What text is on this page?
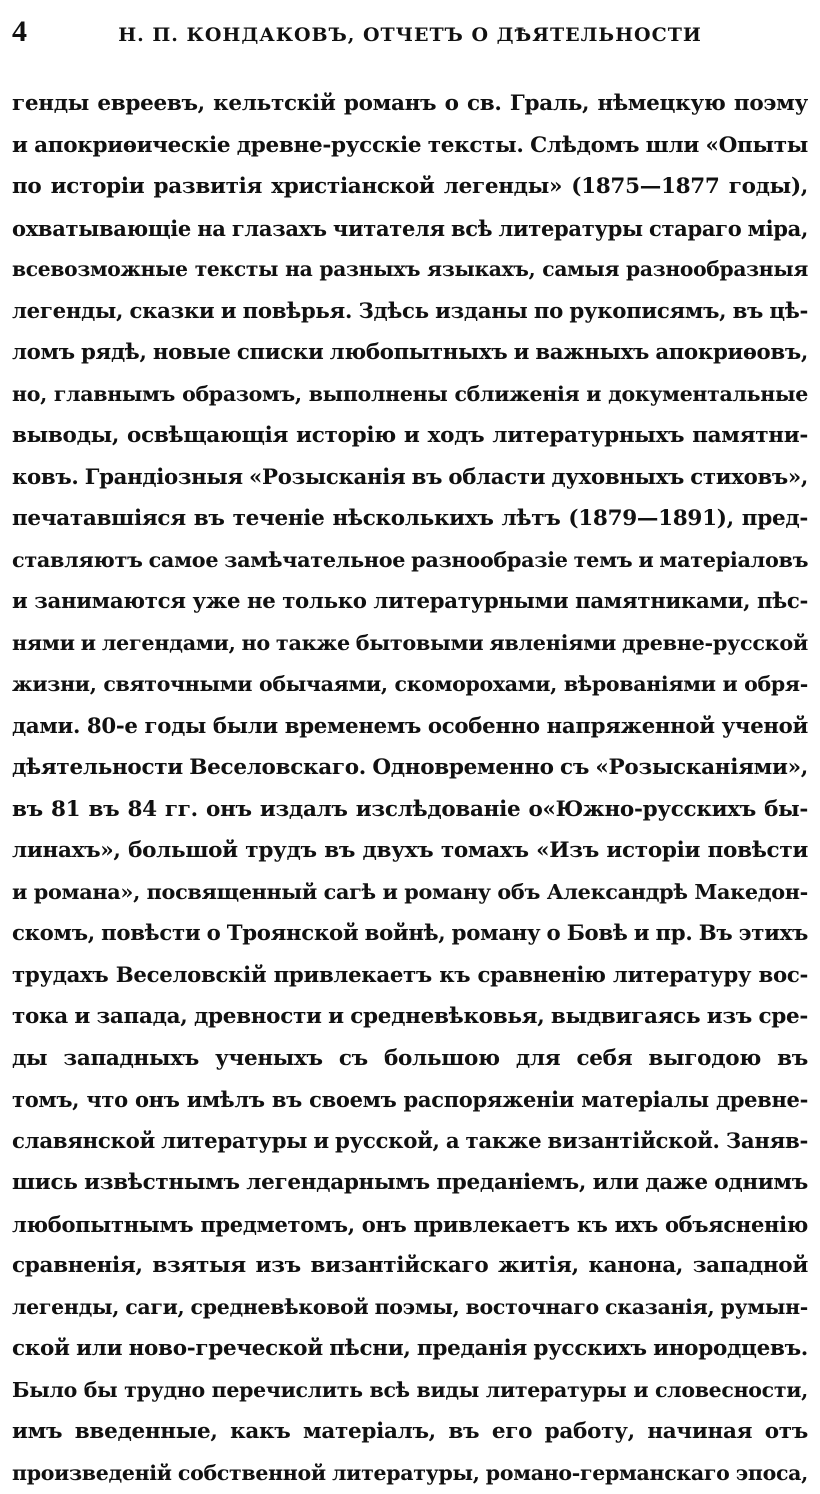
4	Н. П. КОНДАКОВЪ, ОТЧЕТЪ О ДѢЯТЕЛЬНОСТИ
генды евреевъ, кельтскій романъ о св. Граль, нѣмецкую поэму
и апокриѳическіе древне-русскіе тексты. Слѣдомъ шли «Опыты
по исторіи развитія христіанской легенды» (1875—1877 годы),
охватывающіе на глазахъ читателя всѣ литературы стараго міра,
всевозможные тексты на разныхъ языкахъ, самыя разнообразныя
легенды, сказки и повѣрья. Здѣсь изданы по рукописямъ, въ цѣ-
ломъ рядѣ, новые списки любопытныхъ и важныхъ апокриѳовъ,
но, главнымъ образомъ, выполнены сближенія и документальные
выводы, освѣщающія исторію и ходъ литературныхъ памятни-
ковъ. Грандіозныя «Розысканія въ области духовныхъ стиховъ»,
печатавшіяся въ теченіе нѣсколькихъ лѣтъ (1879—1891), пред-
ставляютъ самое замѣчательное разнообразіе темъ и матеріаловъ
и занимаются уже не только литературными памятниками, пѣс-
нями и легендами, но также бытовыми явленіями древне-русской
жизни, святочными обычаями, скоморохами, вѣрованіями и обря-
дами. 80-е годы были временемъ особенно напряженной ученой
дѣятельности Веселовскаго. Одновременно съ «Розысканіями»,
въ 81 въ 84 гг. онъ издалъ изслѣдованіе о«Южно-русскихъ бы-
линахъ», большой трудъ въ двухъ томахъ «Изъ исторіи повѣсти
и романа», посвященный сагѣ и роману объ Александрѣ Македон-
скомъ, повѣсти о Троянской войнѣ, роману о Бовѣ и пр. Въ этихъ
трудахъ Веселовскій привлекаетъ къ сравненію литературу вос-
тока и запада, древности и средневѣковья, выдвигаясь изъ сре-
ды западныхъ ученыхъ съ большою для себя выгодою въ
томъ, что онъ имѣлъ въ своемъ распоряженіи матеріалы древне-
славянской литературы и русской, а также византійской. Заняв-
шись извѣстнымъ легендарнымъ преданіемъ, или даже однимъ
любопытнымъ предметомъ, онъ привлекаетъ къ ихъ объясненію
сравненія, взятыя изъ византійскаго житія, канона, западной
легенды, саги, средневѣковой поэмы, восточнаго сказанія, румын-
ской или ново-греческой пѣсни, преданія русскихъ инородцевъ.
Было бы трудно перечислить всѣ виды литературы и словесности,
имъ введенные, какъ матеріалъ, въ его работу, начиная отъ
произведеній собственной литературы, романо-германскаго эпоса,
